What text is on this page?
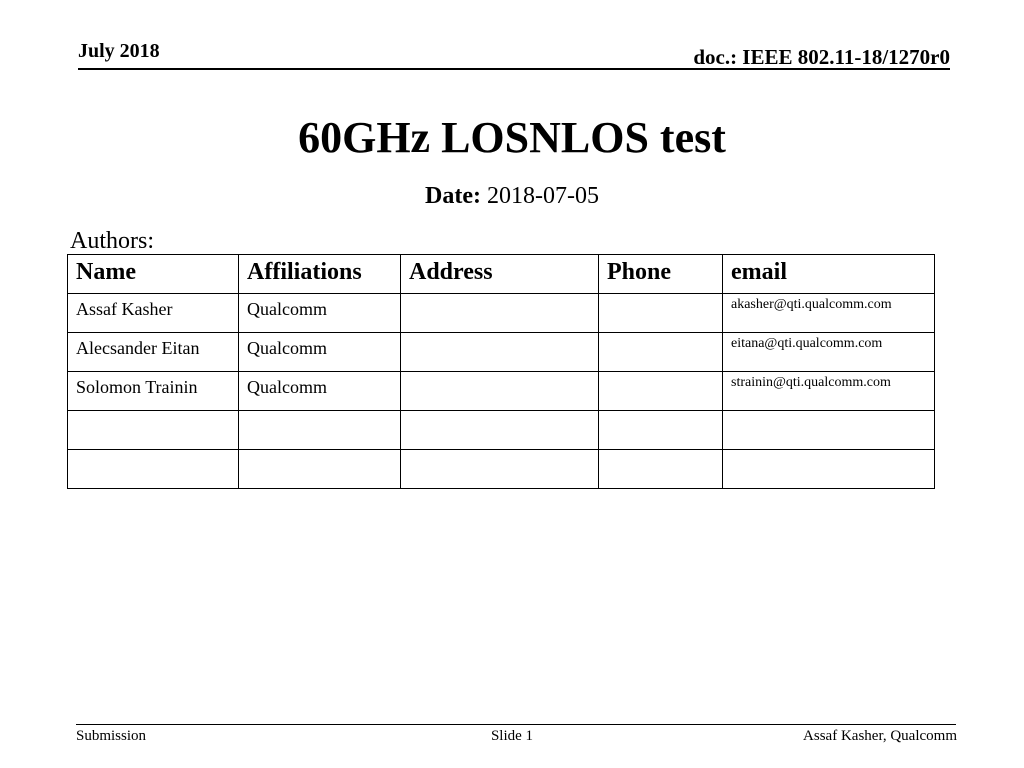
July 2018	doc.: IEEE 802.11-18/1270r0
60GHz LOSNLOS test
Date: 2018-07-05
Authors:
Name	Affiliations	Address	Phone	email
Assaf Kasher	Qualcomm			akasher@qti.qualcomm.com
Alecsander Eitan	Qualcomm			eitana@qti.qualcomm.com
Solomon Trainin	Qualcomm			strainin@qti.qualcomm.com

Submission	Slide 1	Assaf Kasher, Qualcomm
